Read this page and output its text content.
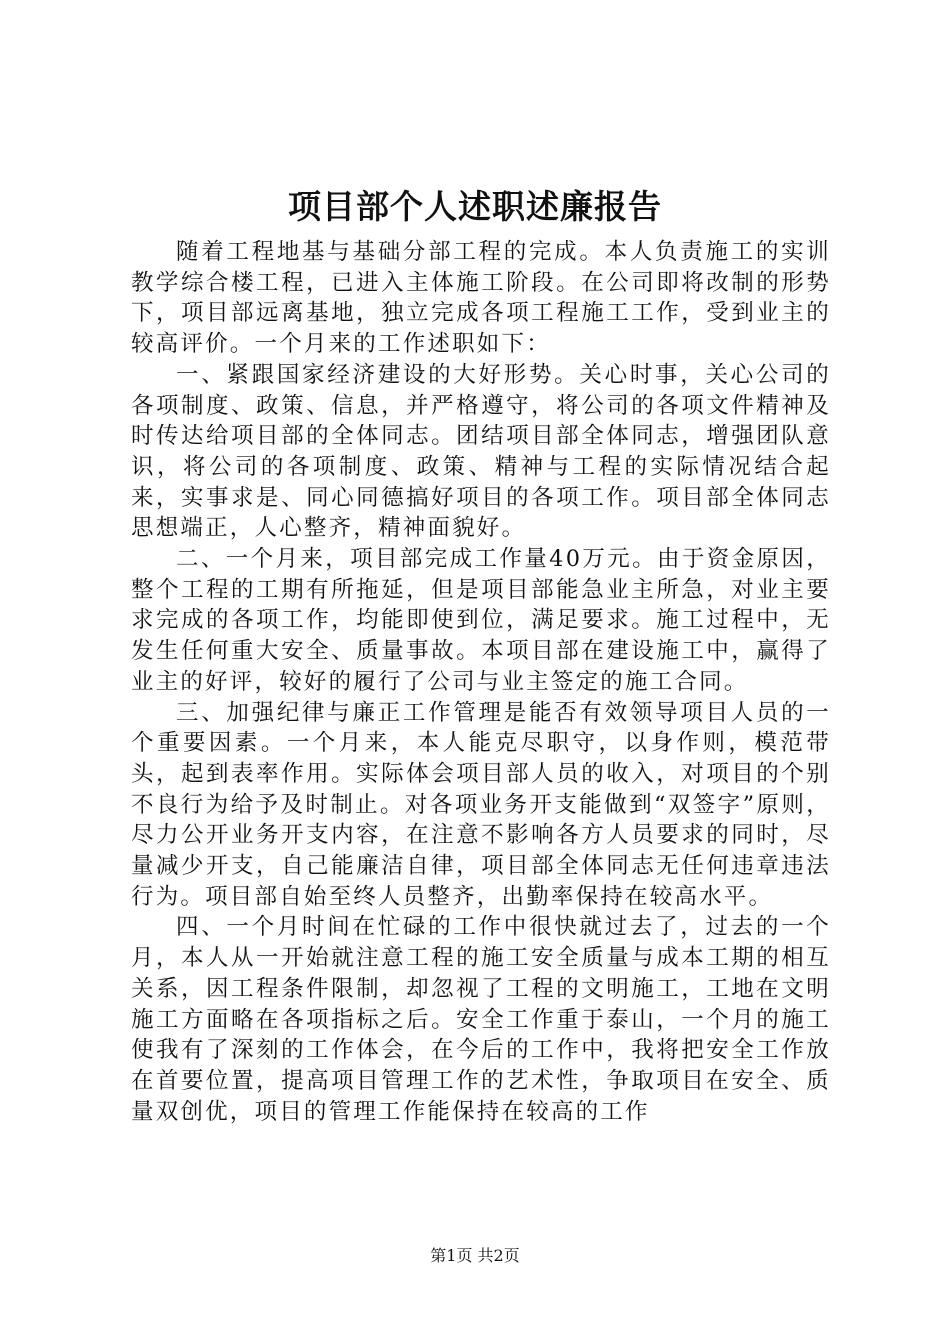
项目部个人述职述廉报告

随着工程地基与基础分部工程的完成。本人负责施工的实训教学综合楼工程，已进入主体施工阶段。在公司即将改制的形势下，项目部远离基地，独立完成各项工程施工工作，受到业主的较高评价。一个月来的工作述职如下：

一、紧跟国家经济建设的大好形势。关心时事，关心公司的各项制度、政策、信息，并严格遵守，将公司的各项文件精神及时传达给项目部的全体同志。团结项目部全体同志，增强团队意识，将公司的各项制度、政策、精神与工程的实际情况结合起来，实事求是、同心同德搞好项目的各项工作。项目部全体同志思想端正，人心整齐，精神面貌好。

二、一个月来，项目部完成工作量40万元。由于资金原因，整个工程的工期有所拖延，但是项目部能急业主所急，对业主要求完成的各项工作，均能即使到位，满足要求。施工过程中，无发生任何重大安全、质量事故。本项目部在建设施工中，赢得了业主的好评，较好的履行了公司与业主签定的施工合同。

三、加强纪律与廉正工作管理是能否有效领导项目人员的一个重要因素。一个月来，本人能克尽职守，以身作则，模范带头，起到表率作用。实际体会项目部人员的收入，对项目的个别不良行为给予及时制止。对各项业务开支能做到“双签字”原则，尽力公开业务开支内容，在注意不影响各方人员要求的同时，尽量减少开支，自己能廉洁自律，项目部全体同志无任何违章违法行为。项目部自始至终人员整齐，出勤率保持在较高水平。

四、一个月时间在忙碌的工作中很快就过去了，过去的一个月，本人从一开始就注意工程的施工安全质量与成本工期的相互关系，因工程条件限制，却忽视了工程的文明施工，工地在文明施工方面略在各项指标之后。安全工作重于泰山，一个月的施工使我有了深刻的工作体会，在今后的工作中，我将把安全工作放在首要位置，提高项目管理工作的艺术性，争取项目在安全、质量双创优，项目的管理工作能保持在较高的工作

第1页 共2页
